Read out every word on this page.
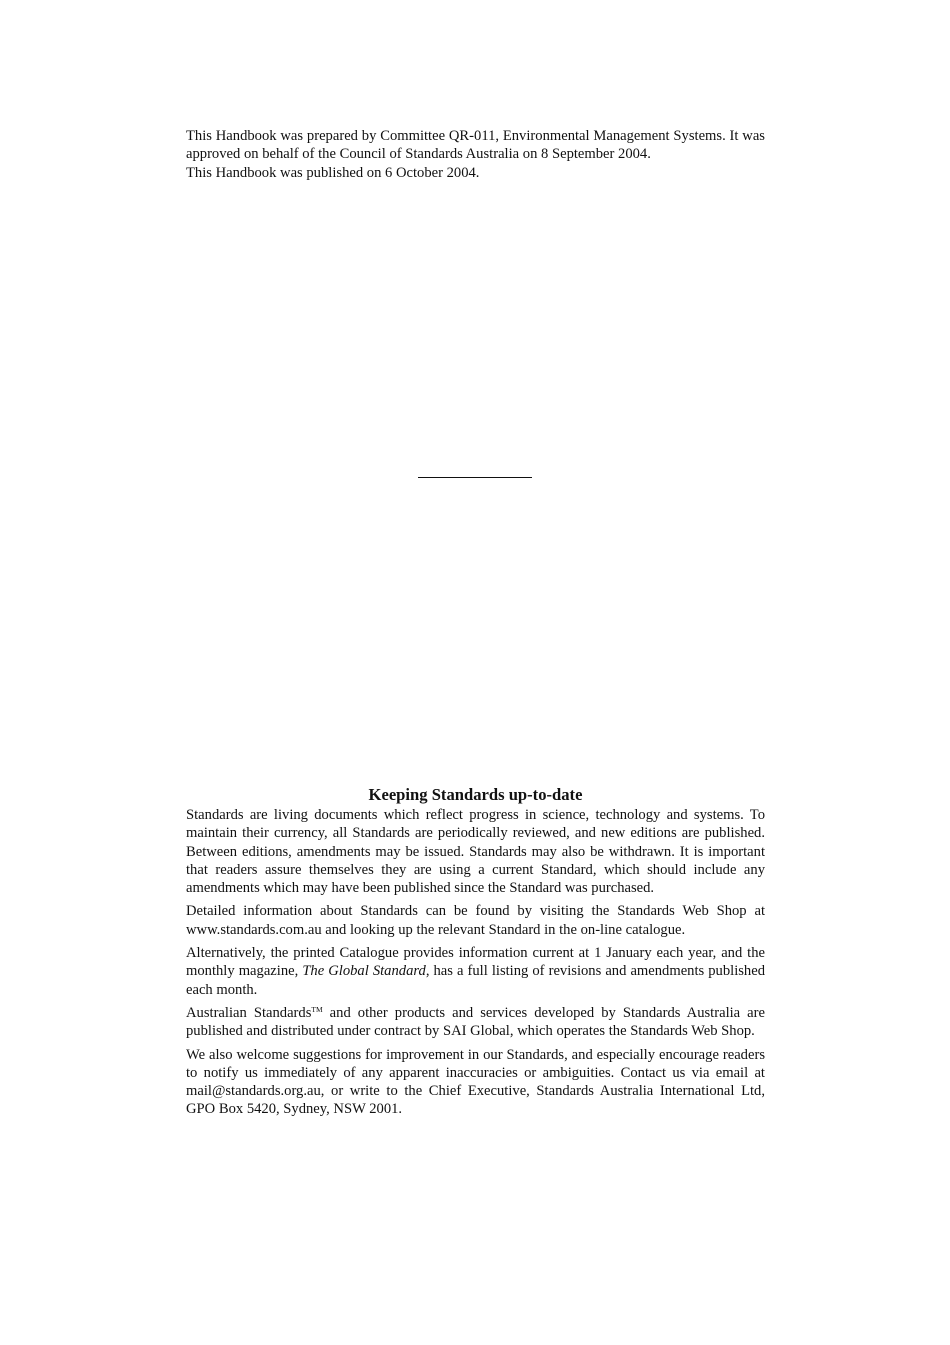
This Handbook was prepared by Committee QR-011, Environmental Management Systems. It was approved on behalf of the Council of Standards Australia on 8 September 2004.

This Handbook was published on 6 October 2004.

Keeping Standards up-to-date

Standards are living documents which reflect progress in science, technology and systems. To maintain their currency, all Standards are periodically reviewed, and new editions are published. Between editions, amendments may be issued. Standards may also be withdrawn. It is important that readers assure themselves they are using a current Standard, which should include any amendments which may have been published since the Standard was purchased.

Detailed information about Standards can be found by visiting the Standards Web Shop at www.standards.com.au and looking up the relevant Standard in the on-line catalogue.

Alternatively, the printed Catalogue provides information current at 1 January each year, and the monthly magazine, The Global Standard, has a full listing of revisions and amendments published each month.

Australian Standards™ and other products and services developed by Standards Australia are published and distributed under contract by SAI Global, which operates the Standards Web Shop.

We also welcome suggestions for improvement in our Standards, and especially encourage readers to notify us immediately of any apparent inaccuracies or ambiguities. Contact us via email at mail@standards.org.au, or write to the Chief Executive, Standards Australia International Ltd, GPO Box 5420, Sydney, NSW 2001.
